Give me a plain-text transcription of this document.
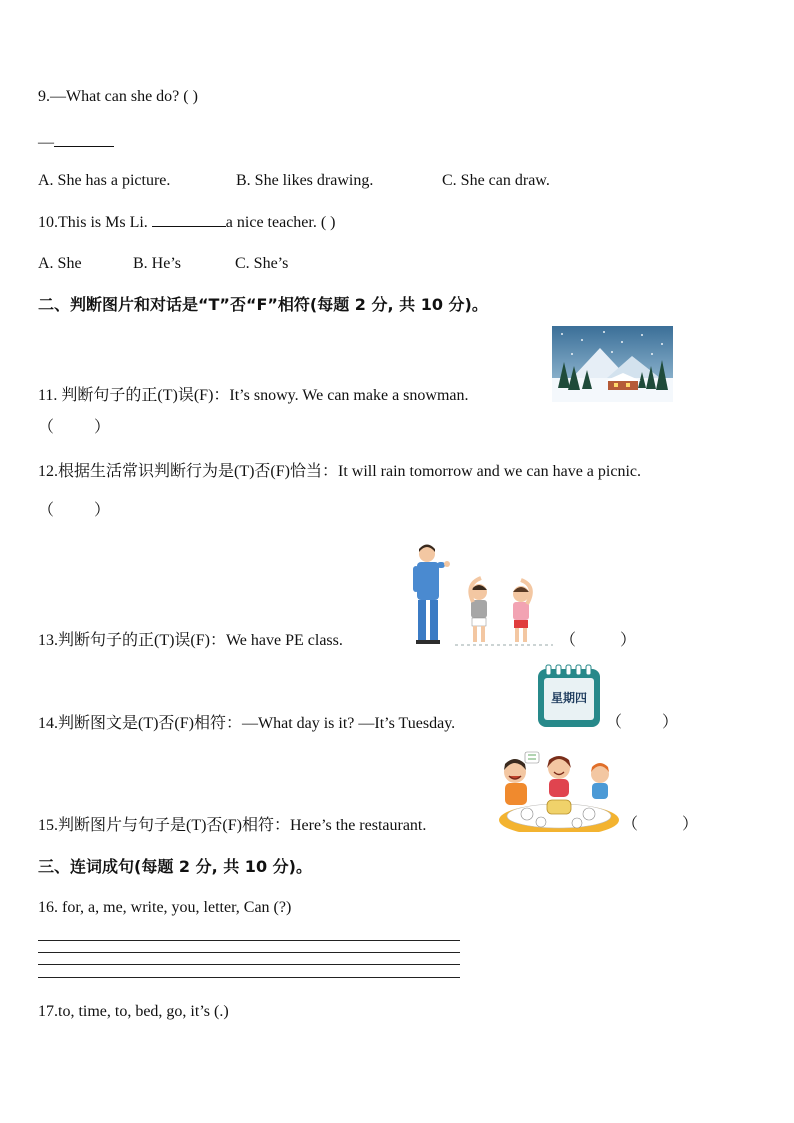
9.—What can she do? ( )
—
A. She has a picture.	B. She likes drawing.	C. She can draw.
10.This is Ms Li.	a nice teacher. ( )
A. She	B. He’s	C. She’s
二、判断图片和对话是“T”否“F”相符(每题 2 分, 共 10 分)。
11. 判断句子的正(T)误(F)：It’s snowy. We can make a snowman.
（          ）
12.根据生活常识判断行为是(T)否(F)恰当：It will rain tomorrow and we can have a picnic.
（          ）
13.判断句子的正(T)误(F)：We have PE class.	（           ）
星期四
14.判断图文是(T)否(F)相符：—What day is it? —It’s Tuesday.	（          ）
15.判断图片与句子是(T)否(F)相符：Here’s the restaurant.	（           ）
三、连词成句(每题 2 分, 共 10 分)。
16. for, a, me, write, you, letter, Can (?)
17.to, time, to, bed, go, it’s (.)
